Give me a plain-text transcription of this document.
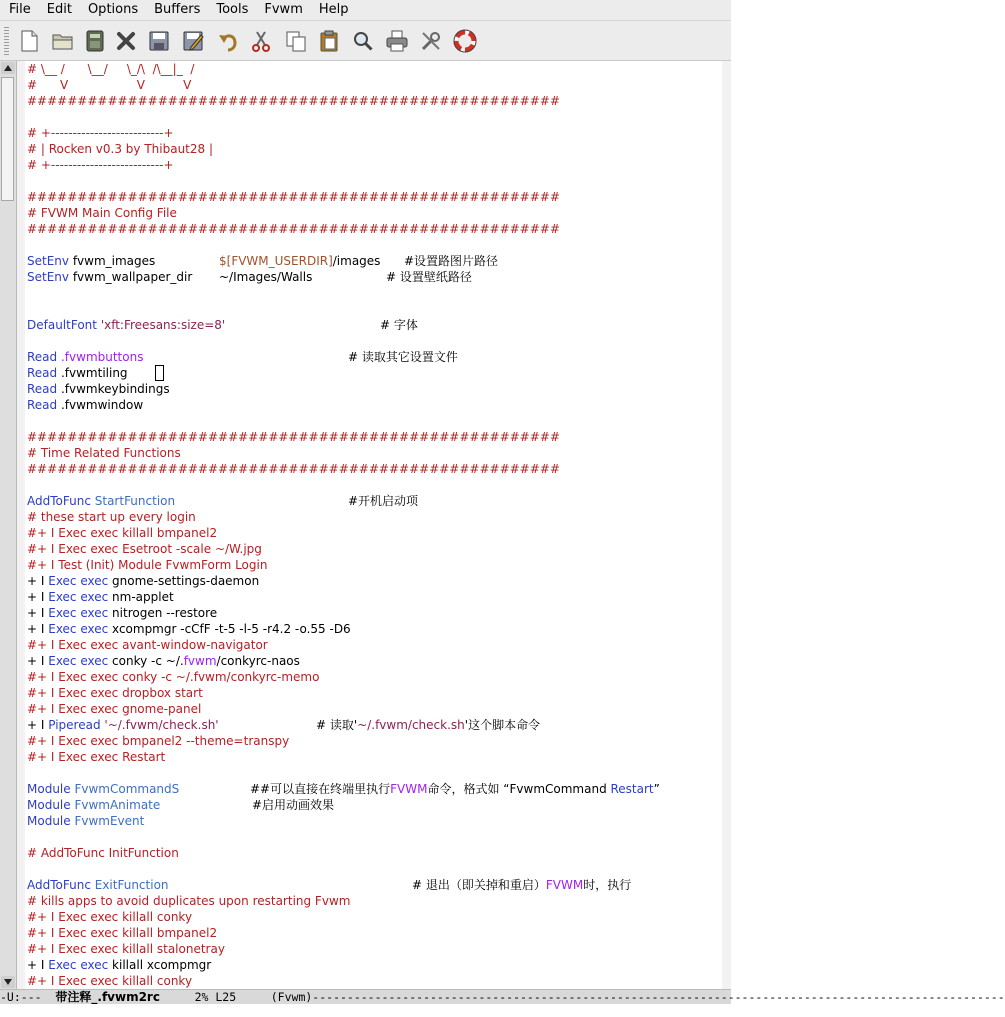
File	Edit	Options	Buffers	Tools	Fvwm	Help
# \__ /      \__/     \_/\  /\__|_  /
#      V                  V          V
#####################################################
# +--------------------------+
# | Rocken v0.3 by Thibaut28 |
# +--------------------------+
#####################################################
# FVWM Main Config File
#####################################################
SetEnv fvwm_images	$[FVWM_USERDIR] /images #设置路图片路径
SetEnv fvwm_wallpaper_dir ~/Images/Walls	# 设置壁纸路径
DefaultFont 'xft:Freesans:size=8'	# 字体
Read .fvwmbuttons	# 读取其它设置文件
Read .fvwmtiling
Read .fvwmkeybindings
Read .fvwmwindow
#####################################################
# Time Related Functions
#####################################################
AddToFunc StartFunction	#开机启动项
# these start up every login
#+ I Exec exec killall bmpanel2
#+ I Exec exec Esetroot -scale ~/W.jpg
#+ I Test (Init) Module FvwmForm Login
+ I Exec exec gnome-settings-daemon
+ I Exec exec nm-applet
+ I Exec exec nitrogen --restore
+ I Exec exec xcompmgr -cCfF -t-5 -l-5 -r4.2 -o.55 -D6
#+ I Exec exec avant-window-navigator
+ I Exec exec conky -c ~/.fvwm/conkyrc-naos
#+ I Exec exec conky -c ~/.fvwm/conkyrc-memo
#+ I Exec exec dropbox start
#+ I Exec exec gnome-panel
+ I Piperead '~/.fvwm/check.sh'	# 读取' ~/.fvwm/check.sh '这个脚本命令
#+ I Exec exec bmpanel2 --theme=transpy
#+ I Exec exec Restart
Module FvwmCommandS	##可以直接在终端里执行 FVWM 命令，格式如 “FvwmCommand Restart ”
Module FvwmAnimate	#启用动画效果
Module FvwmEvent
# AddToFunc InitFunction
AddToFunc ExitFunction	# 退出（即关掉和重启） FVWM 时，执行
# kills apps to avoid duplicates upon restarting Fvwm
#+ I Exec exec killall conky
#+ I Exec exec killall bmpanel2
#+ I Exec exec killall stalonetray
+ I Exec exec killall xcompmgr
#+ I Exec exec killall conky
-U:---  带注释_.fvwm2rc     2% L25     (Fvwm)----------------------------------------------------------------------------------------------------
